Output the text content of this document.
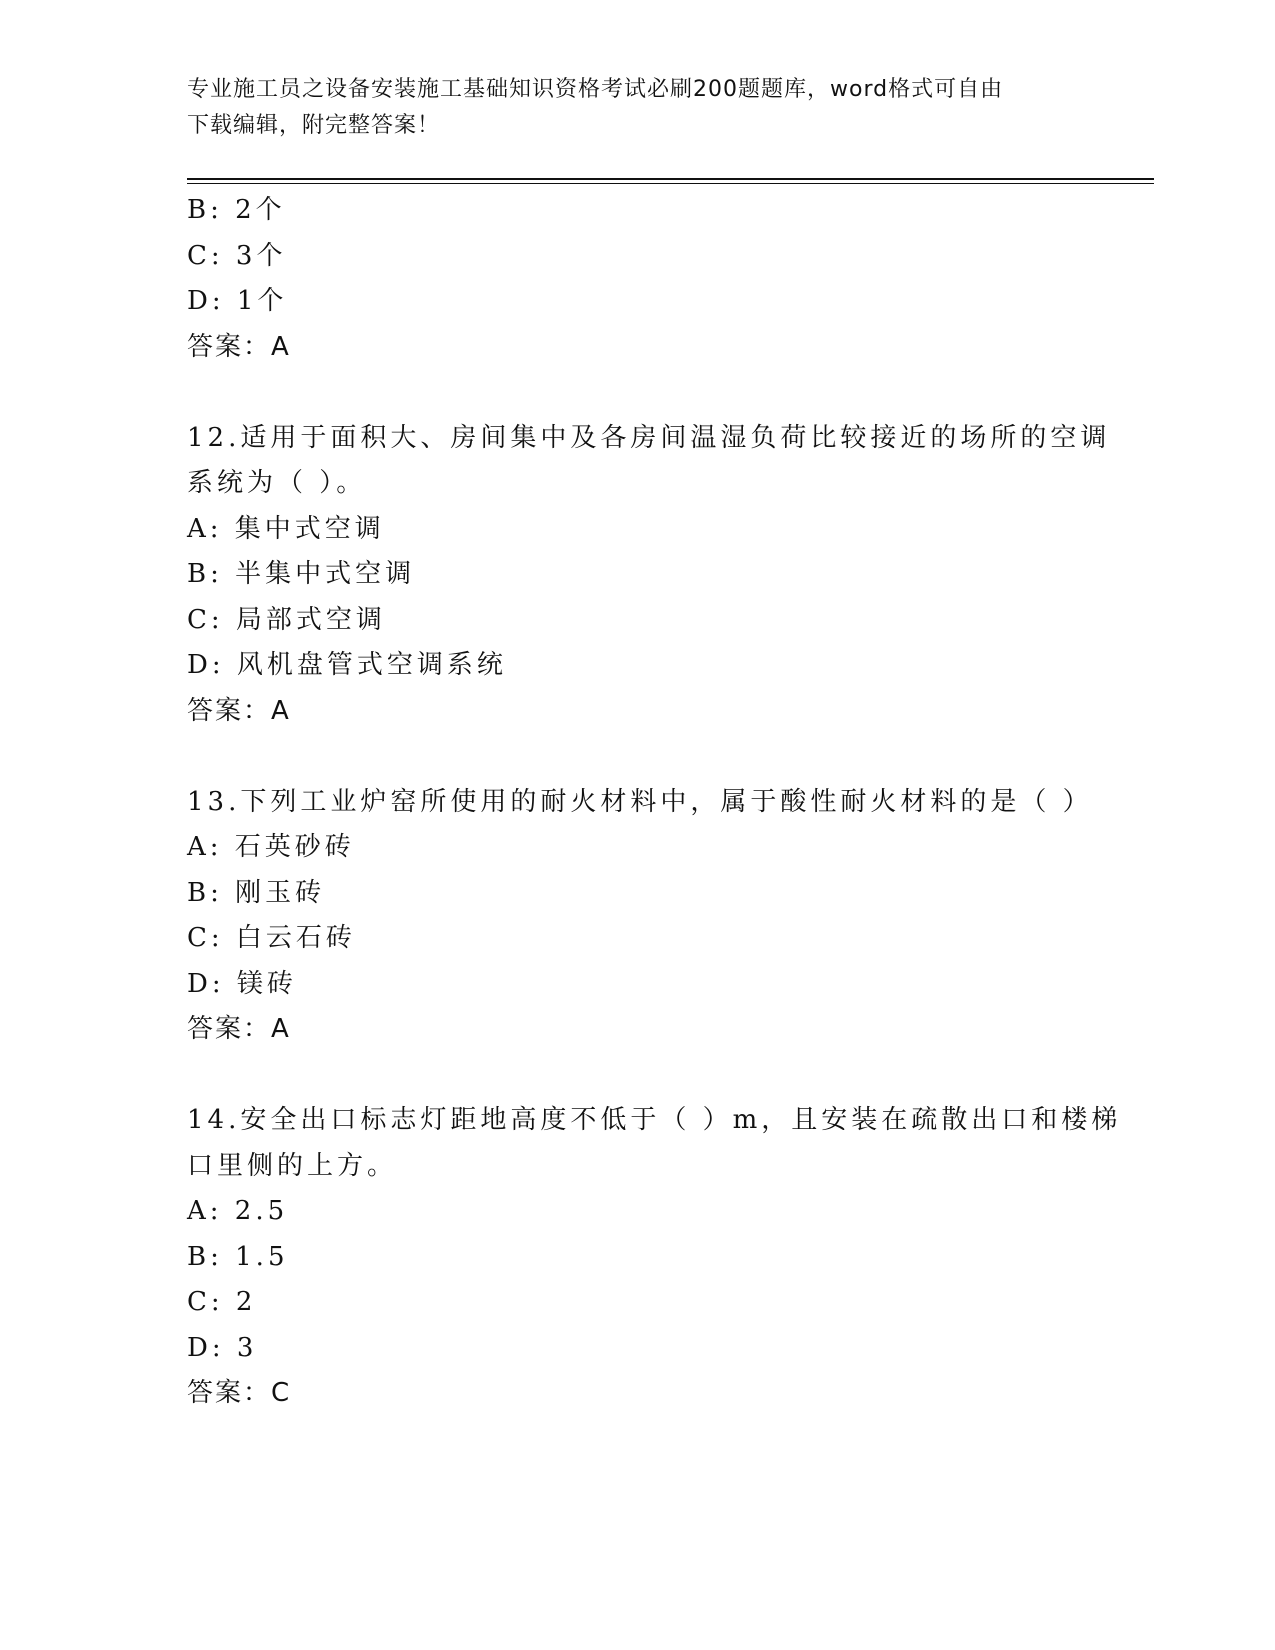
专业施工员之设备安装施工基础知识资格考试必刷200题题库，word格式可自由
下载编辑，附完整答案！
B: 2个
C: 3个
D: 1个
答案：A
12.适用于面积大、房间集中及各房间温湿负荷比较接近的场所的空调
系统为（ ）。
A: 集中式空调
B: 半集中式空调
C: 局部式空调
D: 风机盘管式空调系统
答案：A
13.下列工业炉窑所使用的耐火材料中，属于酸性耐火材料的是（ ）
A: 石英砂砖
B: 刚玉砖
C: 白云石砖
D: 镁砖
答案：A
14.安全出口标志灯距地高度不低于（ ）m，且安装在疏散出口和楼梯
口里侧的上方。
A: 2.5
B: 1.5
C: 2
D: 3
答案：C
